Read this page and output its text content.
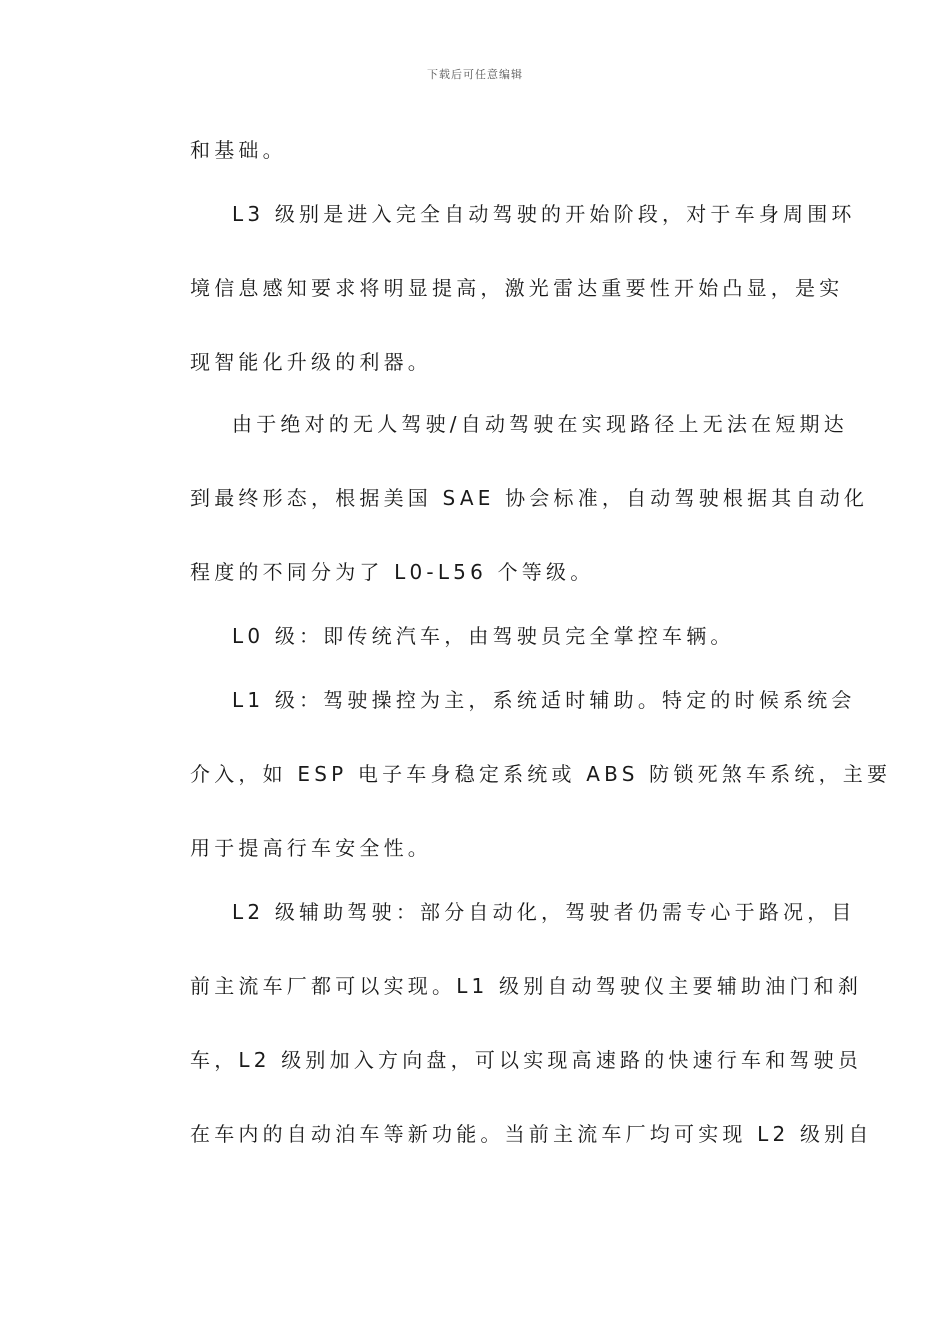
下载后可任意编辑
和基础。
L3 级别是进入完全自动驾驶的开始阶段，对于车身周围环
境信息感知要求将明显提高，激光雷达重要性开始凸显，是实
现智能化升级的利器。
由于绝对的无人驾驶/自动驾驶在实现路径上无法在短期达
到最终形态，根据美国 SAE 协会标准，自动驾驶根据其自动化
程度的不同分为了 L0-L56 个等级。
L0 级：即传统汽车，由驾驶员完全掌控车辆。
L1 级：驾驶操控为主，系统适时辅助。特定的时候系统会
介入，如 ESP 电子车身稳定系统或 ABS 防锁死煞车系统，主要
用于提高行车安全性。
L2 级辅助驾驶：部分自动化，驾驶者仍需专心于路况，目
前主流车厂都可以实现。L1 级别自动驾驶仪主要辅助油门和刹
车，L2 级别加入方向盘，可以实现高速路的快速行车和驾驶员
在车内的自动泊车等新功能。当前主流车厂均可实现 L2 级别自
